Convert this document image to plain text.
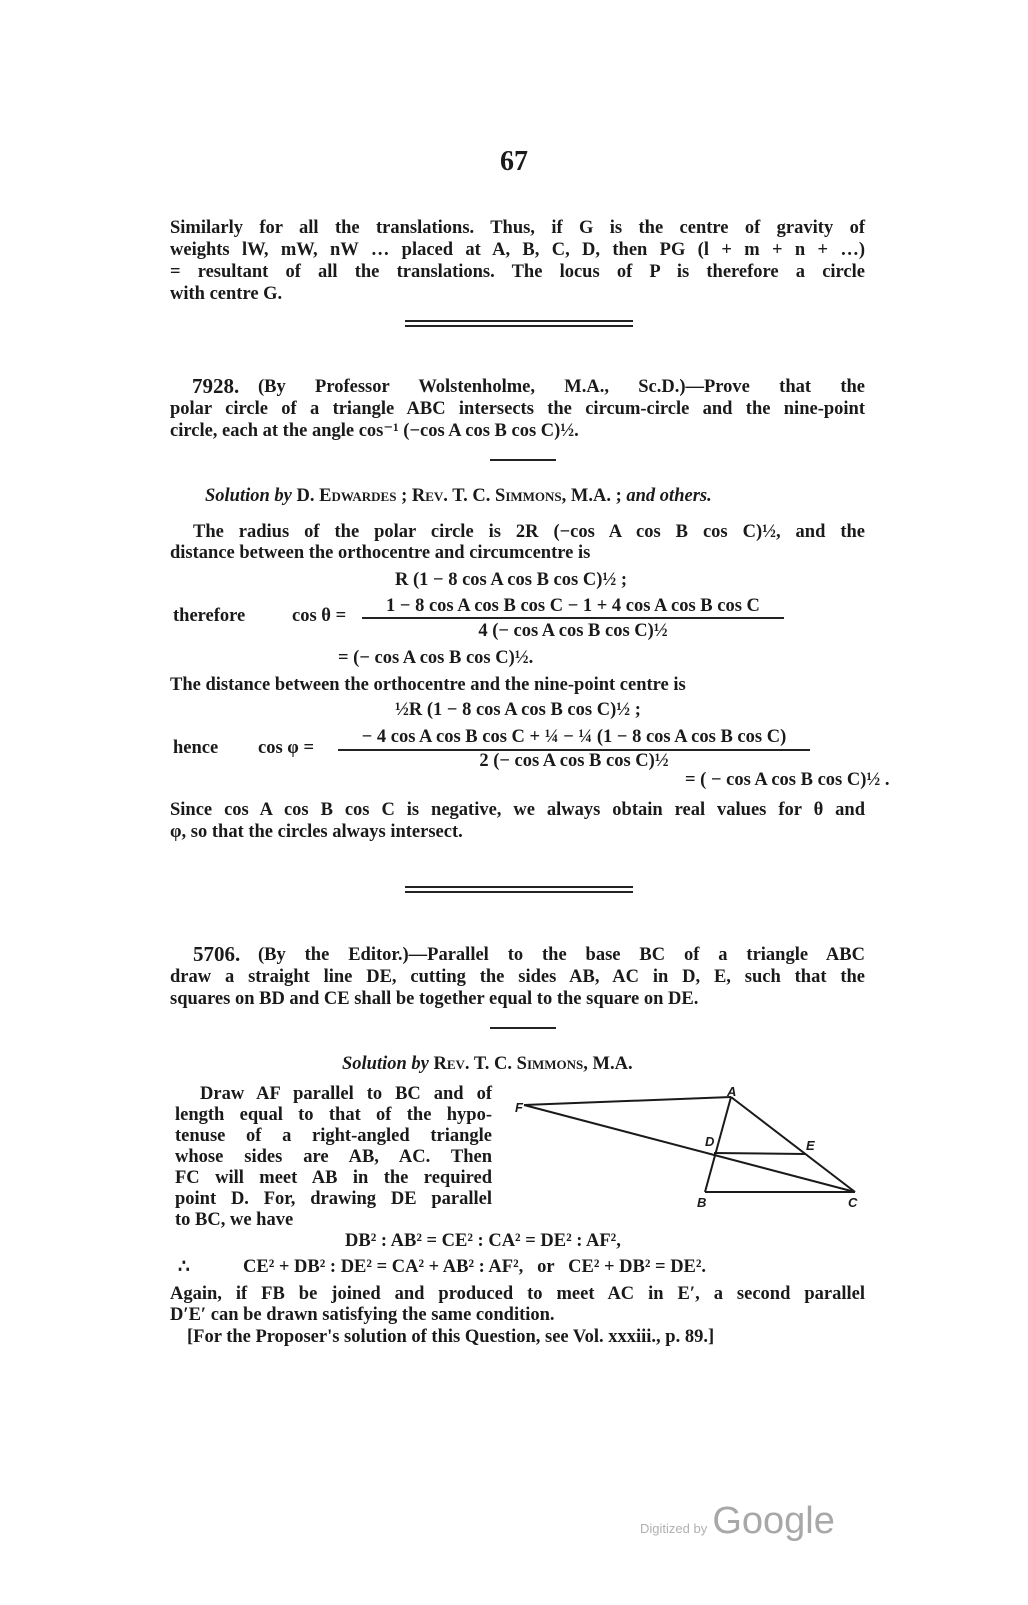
67
Similarly for all the translations. Thus, if G is the centre of gravity of
weights lW, mW, nW … placed at A, B, C, D, then PG (l + m + n + …)
= resultant of all the translations. The locus of P is therefore a circle
with centre G.
7928. (By Professor Wolstenholme, M.A., Sc.D.)—Prove that the
polar circle of a triangle ABC intersects the circum-circle and the nine-point
circle, each at the angle cos⁻¹ (−cos A cos B cos C)½.
Solution by D. Edwardes ; Rev. T. C. Simmons, M.A. ; and others.
The radius of the polar circle is 2R (−cos A cos B cos C)½, and the
distance between the orthocentre and circumcentre is
R (1 − 8 cos A cos B cos C)½ ;
therefore	cos θ =	1 − 8 cos A cos B cos C − 1 + 4 cos A cos B cos C
4 (− cos A cos B cos C)½
= (− cos A cos B cos C)½.
The distance between the orthocentre and the nine-point centre is
½R (1 − 8 cos A cos B cos C)½ ;
hence cos φ =
− 4 cos A cos B cos C + ¼ − ¼ (1 − 8 cos A cos B cos C)
2 (− cos A cos B cos C)½
= ( − cos A cos B cos C)½ .
Since cos A cos B cos C is negative, we always obtain real values for θ and
φ, so that the circles always intersect.
5706. (By the Editor.)—Parallel to the base BC of a triangle ABC
draw a straight line DE, cutting the sides AB, AC in D, E, such that the
squares on BD and CE shall be together equal to the square on DE.
Solution by Rev. T. C. Simmons, M.A.
Draw AF parallel to BC and of
length equal to that of the hypo-
tenuse of a right-angled triangle
whose sides are AB, AC. Then
FC will meet AB in the required
point D. For, drawing DE parallel
to BC, we have
A
F
D	E
B	C
DB² : AB² = CE² : CA² = DE² : AF²,
∴	CE² + DB² : DE² = CA² + AB² : AF²,   or   CE² + DB² = DE².
Again, if FB be joined and produced to meet AC in E′, a second parallel
D′E′ can be drawn satisfying the same condition.
[For the Proposer's solution of this Question, see Vol. xxxiii., p. 89.]
Digitized by Google
